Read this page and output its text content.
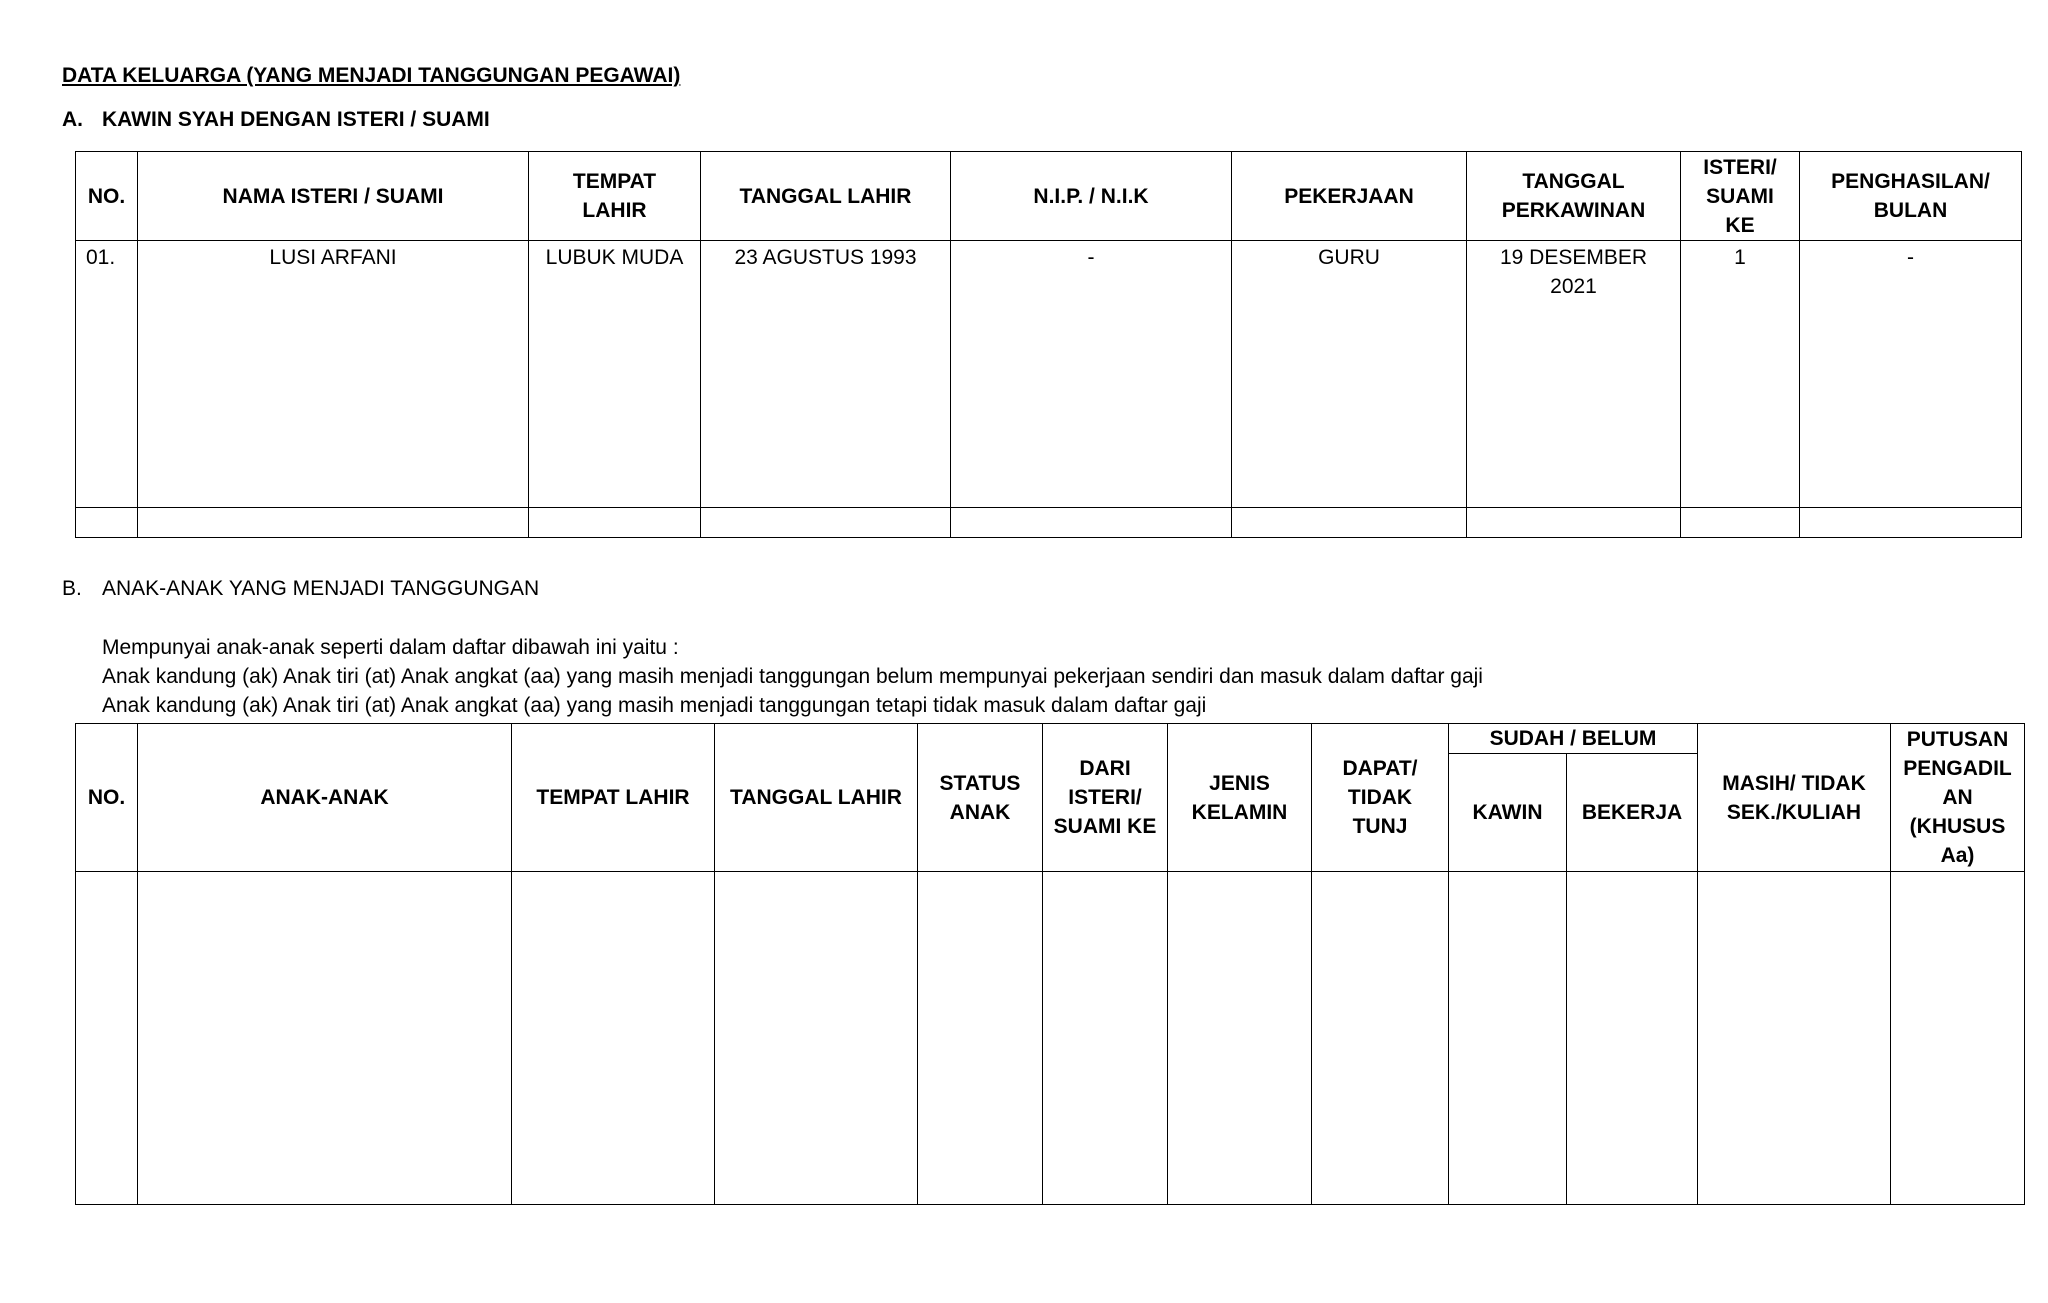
DATA KELUARGA (YANG MENJADI TANGGUNGAN PEGAWAI)
A. KAWIN SYAH DENGAN ISTERI / SUAMI
NO.	NAMA ISTERI / SUAMI	TEMPAT LAHIR	TANGGAL LAHIR	N.I.P. / N.I.K	PEKERJAAN	TANGGAL PERKAWINAN	ISTERI/ SUAMI KE	PENGHASILAN/ BULAN
01.	LUSI ARFANI	LUBUK MUDA	23 AGUSTUS 1993	-	GURU	19 DESEMBER 2021	1	-

B. ANAK-ANAK YANG MENJADI TANGGUNGAN
Mempunyai anak-anak seperti dalam daftar dibawah ini yaitu :
Anak kandung (ak) Anak tiri (at) Anak angkat (aa) yang masih menjadi tanggungan belum mempunyai pekerjaan sendiri dan masuk dalam daftar gaji
Anak kandung (ak) Anak tiri (at) Anak angkat (aa) yang masih menjadi tanggungan tetapi tidak masuk dalam daftar gaji
NO.	ANAK-ANAK	TEMPAT LAHIR	TANGGAL LAHIR	STATUS ANAK	DARI ISTERI/ SUAMI KE	JENIS KELAMIN	DAPAT/ TIDAK TUNJ	SUDAH / BELUM		MASIH/ TIDAK SEK./KULIAH	PUTUSAN PENGADIL AN (KHUSUS Aa)
								KAWIN	BEKERJA		
